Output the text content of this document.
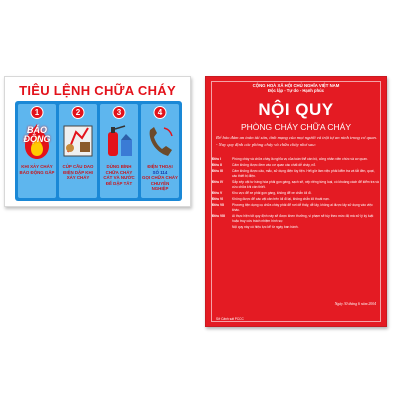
TIÊU LỆNH CHỮA CHÁY
1
BÁO ĐỘNG
KHI XẢY CHÁY BÁO ĐỘNG GẤP
2
CÚP CẦU DAO ĐIỆN DẬP KHI XẢY CHÁY
3
DÙNG BÌNH CHỮA CHÁY CÁT VÀ NƯỚC ĐỂ DẬP TẮT
4
ĐIỆN THOẠI
SỐ 114
GỌI CHỮA CHÁY CHUYÊN NGHIỆP
CỘNG HOÀ XÃ HỘI CHỦ NGHĨA VIỆT NAM
Độc lập - Tự do - Hạnh phúc
NỘI QUY
PHÒNG CHÁY CHỮA CHÁY
Để bảo đảm an toàn tài sản, tính mạng của mọi người và trật tự an ninh trong cơ quan.
- Nay quy định các phòng cháy và chữa cháy như sau:
Điều I	Phòng cháy và chữa cháy là nghĩa vụ của toàn thể cán bộ, công nhân viên chức và cơ quan.
Điều II	Cấm không được đem vào cơ quan các chất dễ cháy, nổ.
Điều III	Cấm không được câu, mắc, sử dụng điện tùy tiện. Hết giờ làm việc phải kiểm tra và tắt đèn, quạt, các thiết bị điện.
Điều IV	Sắp xếp vật tư hàng hóa phải gọn gàng, sạch sẽ, xếp riêng từng loại, có khoảng cách để kiểm tra và cứu chữa khi cần thiết.
Điều V	Khu vực để xe phải gọn gàng, không để xe chắn lối đi.
Điều VI	Không được để các vật cản trên lối đi lại, không chắn lối thoát nạn.
Điều VII	Phương tiện dụng cụ chữa cháy phải để nơi dễ thấy, dễ lấy, không ai được lấy sử dụng vào việc khác.
Điều VIII	Ai thực hiện tốt quy định này sẽ được khen thưởng, vi phạm sẽ tùy theo mức độ mà xử lý kỷ luật hoặc truy cứu trách nhiệm hình sự.
Nội quy này có hiệu lực kể từ ngày ban hành.
Ngày 30 tháng 6 năm 2004
Sở Cảnh sát PCCC
